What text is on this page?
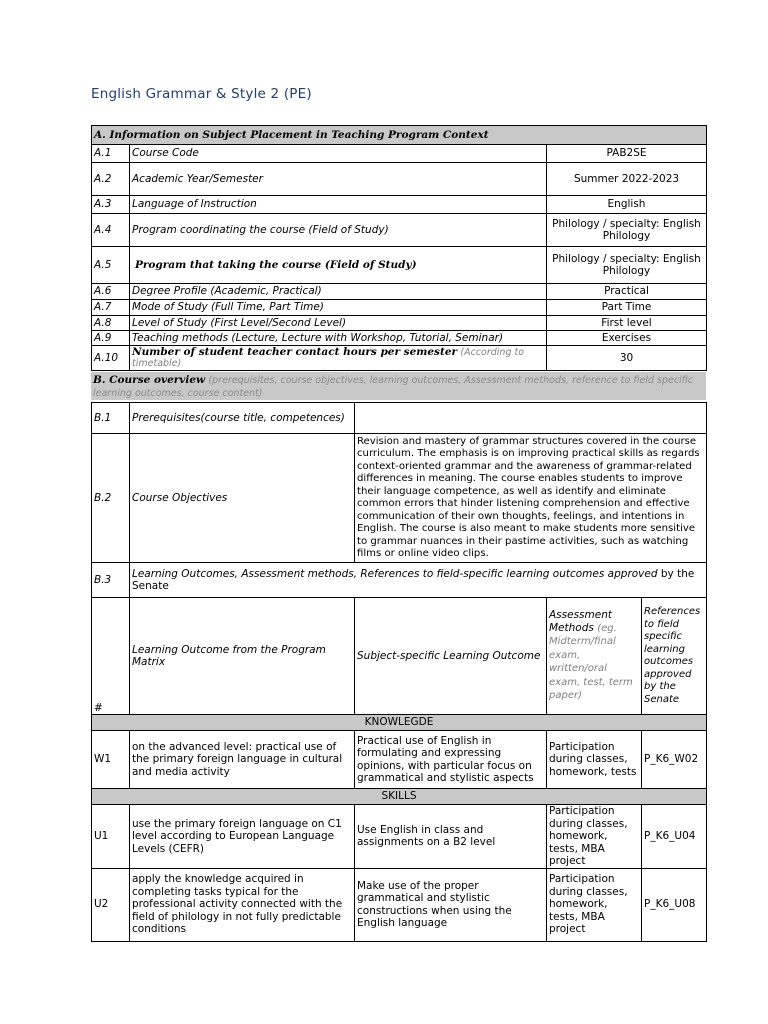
English Grammar & Style 2 (PE)
A. Information on Subject Placement in Teaching Program Context		
A.1	Course Code	PAB2SE
A.2	Academic Year/Semester	Summer 2022-2023
A.3	Language of Instruction	English
A.4	Program coordinating the course (Field of Study)	Philology / specialty: English Philology
A.5	Program that taking the course (Field of Study)	Philology / specialty: English Philology
A.6	Degree Profile (Academic, Practical)	Practical
A.7	Mode of Study (Full Time, Part Time)	Part Time
A.8	Level of Study (First Level/Second Level)	First level
A.9	Teaching methods (Lecture, Lecture with Workshop, Tutorial, Seminar)	Exercises
A.10	Number of student teacher contact hours per semester (According to timetable)	30
B. Course overview (prerequisites, course objectives, learning outcomes, Assessment methods, reference to field specific learning outcomes, course content)
B.1	Prerequisites(course title, competences)			
B.2	Course Objectives	Revision and mastery of grammar structures covered in the course curriculum. The emphasis is on improving practical skills as regards context-oriented grammar and the awareness of grammar-related differences in meaning. The course enables students to improve their language competence, as well as identify and eliminate common errors that hinder listening comprehension and effective communication of their own thoughts, feelings, and intentions in English. The course is also meant to make students more sensitive to grammar nuances in their pastime activities, such as watching films or online video clips.		
B.3	Learning Outcomes, Assessment methods, References to field-specific learning outcomes approved by the Senate			
#	Learning Outcome from the Program Matrix	Subject-specific Learning Outcome	Assessment Methods (eg. Midterm/final exam, written/oral exam, test, term paper)	References to field specific learning outcomes approved by the Senate
KNOWLEGDE				
W1	on the advanced level: practical use of the primary foreign language in cultural and media activity	Practical use of English in formulating and expressing opinions, with particular focus on grammatical and stylistic aspects	Participation during classes, homework, tests	P_K6_W02
SKILLS				
U1	use the primary foreign language on C1 level according to European Language Levels (CEFR)	Use English in class and assignments on a B2 level	Participation during classes, homework, tests, MBA project	P_K6_U04
U2	apply the knowledge acquired in completing tasks typical for the professional activity connected with the field of philology in not fully predictable conditions	Make use of the proper grammatical and stylistic constructions when using the English language	Participation during classes, homework, tests, MBA project	P_K6_U08
